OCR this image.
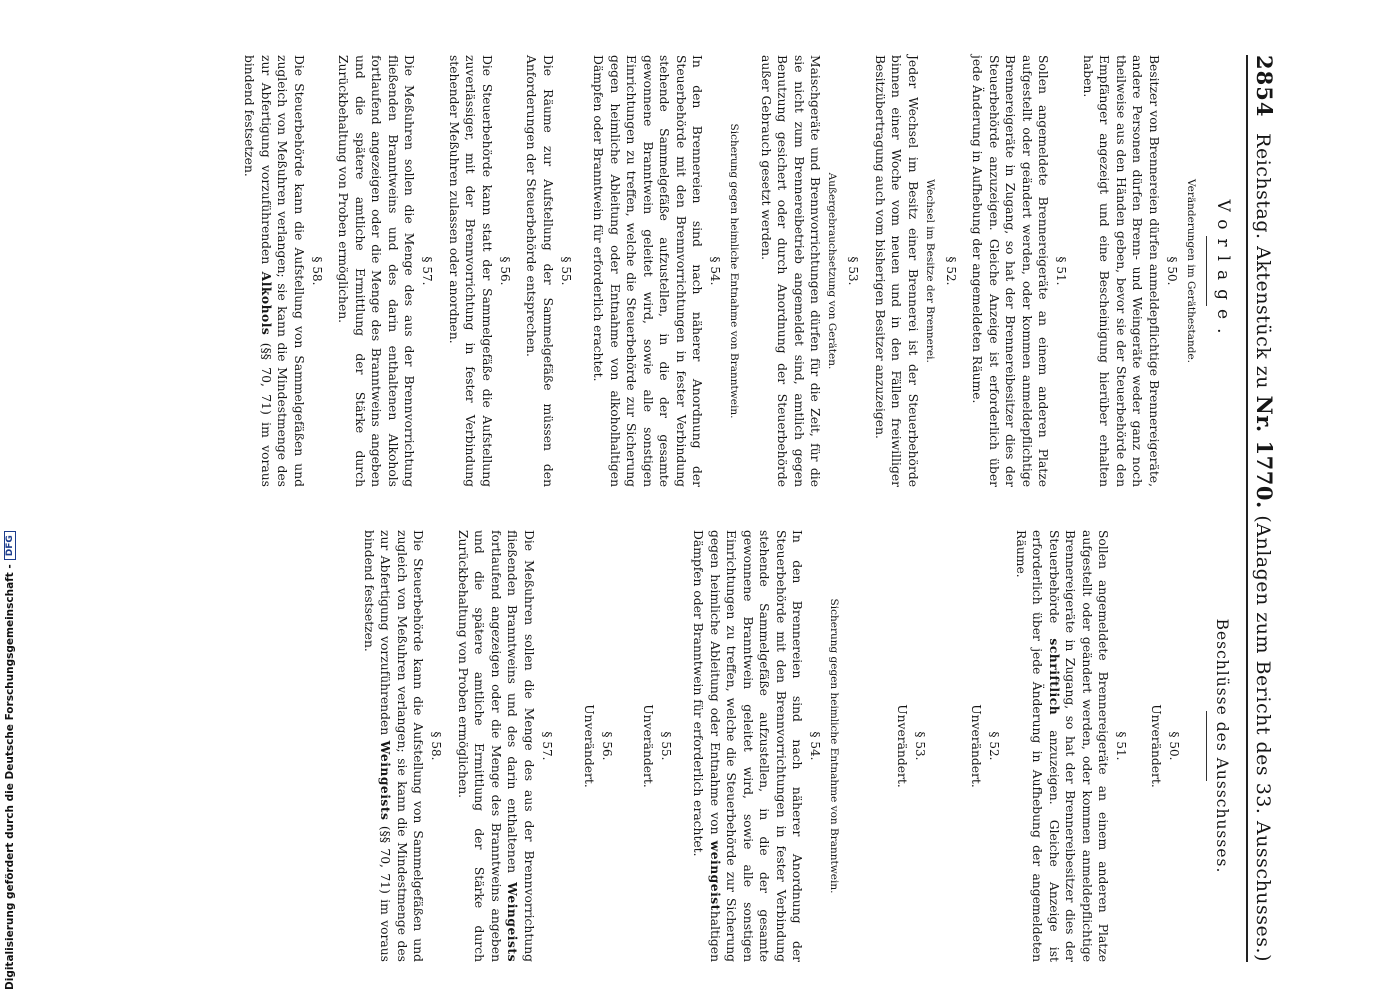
2854
Reichstag. Aktenstück zu Nr. 1770. (Anlagen zum Bericht des 33. Ausschusses.)
Vorlage.
Veränderungen im Geräthestande.
§ 50.

Besitzer von Brennereien dürfen anmeldepflichtige Brennereigeräte, andere Personen dürfen Brenn- und Weingeräte weder ganz noch theilweise aus den Händen geben, bevor sie der Steuerbehörde den Empfänger angezeigt und eine Bescheinigung hierüber erhalten haben.

§ 51.

Sollen angemeldete Brennereigeräte an einem anderen Platze aufgestellt oder geändert werden, oder kommen anmeldepflichtige Brennereigeräte in Zugang, so hat der Brennereibesitzer dies der Steuerbehörde anzuzeigen. Gleiche Anzeige ist erforderlich über jede Änderung in Aufhebung der angemeldeten Räume.

§ 52.
Wechsel im Besitze der Brennerei.

Jeder Wechsel im Besitz einer Brennerei ist der Steuerbehörde binnen einer Woche vom neuen und in den Fällen freiwilliger Besitzübertragung auch vom bisherigen Besitzer anzuzeigen.

§ 53.
Außergebrauchsetzung von Geräten.

Maischgeräte und Brennvorrichtungen dürfen für die Zeit, für die sie nicht zum Brennereibetrieb angemeldet sind, amtlich gegen Benutzung gesichert oder durch Anordnung der Steuerbehörde außer Gebrauch gesetzt werden.

Sicherung gegen heimliche Entnahme von Branntwein.
§ 54.

In den Brennereien sind nach näherer Anordnung der Steuerbehörde mit den Brennvorrichtungen in fester Verbindung stehende Sammelgefäße aufzustellen, in die der gesamte gewonnene Branntwein geleitet wird, sowie alle sonstigen Einrichtungen zu treffen, welche die Steuerbehörde zur Sicherung gegen heimliche Ableitung oder Entnahme von alkoholhaltigen Dämpfen oder Branntwein für erforderlich erachtet.

§ 55.

Die Räume zur Aufstellung der Sammelgefäße müssen den Anforderungen der Steuerbehörde entsprechen.

§ 56.

Die Steuerbehörde kann statt der Sammelgefäße die Aufstellung zuverlässiger, mit der Brennvorrichtung in fester Verbindung stehender Meßuhren zulassen oder anordnen.

§ 57.

Die Meßuhren sollen die Menge des aus der Brennvorrichtung fließenden Branntweins und des darin enthaltenen Alkohols fortlaufend angezeigen oder die Menge des Branntweins angeben und die spätere amtliche Ermittlung der Stärke durch Zurückbehaltung von Proben ermöglichen.

§ 58.

Die Steuerbehörde kann die Aufstellung von Sammelgefäßen und zugleich von Meßuhren verlangen; sie kann die Mindestmenge des zur Abfertigung vorzuführenden Alkohols (§§ 70, 71) im voraus bindend festsetzen.

Beschlüsse des Ausschusses.
§ 50.
Unverändert.
§ 51.

Sollen angemeldete Brennereigeräte an einem anderen Platze aufgestellt oder geändert werden, oder kommen anmeldepflichtige Brennereigeräte in Zugang, so hat der Brennereibesitzer dies der Steuerbehörde schriftlich anzuzeigen. Gleiche Anzeige ist erforderlich über jede Änderung in Aufhebung der angemeldeten Räume.

§ 52.
Unverändert.
§ 53.
Unverändert.
Sicherung gegen heimliche Entnahme von Branntwein.
§ 54.

In den Brennereien sind nach näherer Anordnung der Steuerbehörde mit den Brennvorrichtungen in fester Verbindung stehende Sammelgefäße aufzustellen, in die der gesamte gewonnene Branntwein geleitet wird, sowie alle sonstigen Einrichtungen zu treffen, welche die Steuerbehörde zur Sicherung gegen heimliche Ableitung oder Entnahme von weingeisthaltigen Dämpfen oder Branntwein für erforderlich erachtet.

§ 55.
Unverändert.
§ 56.
Unverändert.
§ 57.

Die Meßuhren sollen die Menge des aus der Brennvorrichtung fließenden Branntweins und des darin enthaltenen Weingeists fortlaufend angezeigen oder die Menge des Branntweins angeben und die spätere amtliche Ermittlung der Stärke durch Zurückbehaltung von Proben ermöglichen.

§ 58.

Die Steuerbehörde kann die Aufstellung von Sammelgefäßen und zugleich von Meßuhren verlangen; sie kann die Mindestmenge des zur Abfertigung vorzuführenden Weingeists (§§ 70, 71) im voraus bindend festsetzen.

Digitalisierung gefördert durch die Deutsche Forschungsgemeinschaft -DFG
